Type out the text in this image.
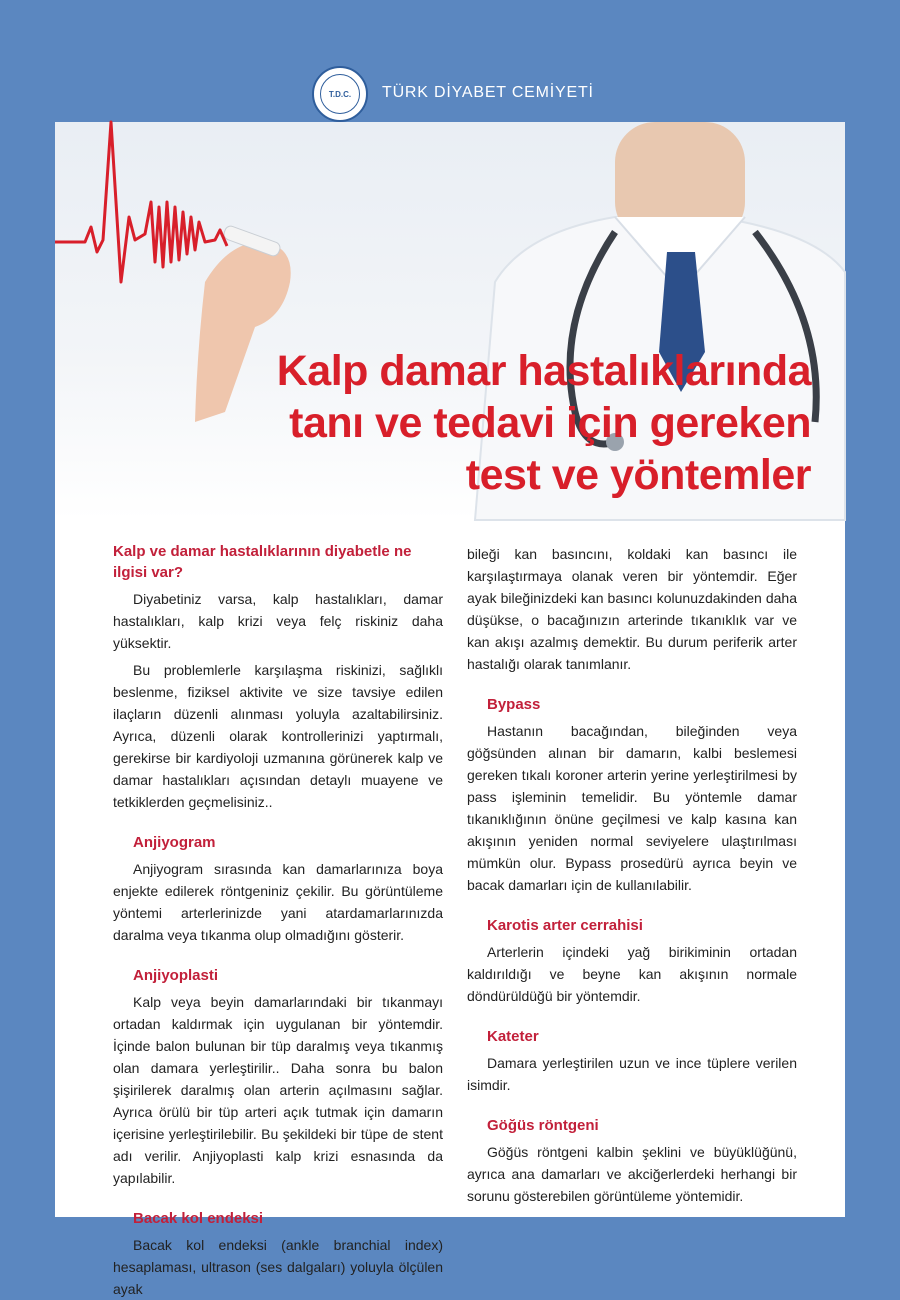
T.D.C.	TÜRK DİYABET CEMİYETİ
Kalp damar hastalıklarında
tanı ve tedavi için gereken
test ve yöntemler
Kalp ve damar hastalıklarının diyabetle ne ilgisi var?

Diyabetiniz varsa, kalp hastalıkları, damar hastalıkları, kalp krizi veya felç riskiniz daha yüksektir.

Bu problemlerle karşılaşma riskinizi, sağlıklı beslenme, fiziksel aktivite ve size tavsiye edilen ilaçların düzenli alınması yoluyla azaltabilirsiniz. Ayrıca, düzenli olarak kontrollerinizi yaptırmalı, gerekirse bir kardiyoloji uzmanına görünerek kalp ve damar hastalıkları açısından detaylı muayene ve tetkiklerden geçmelisiniz..

Anjiyogram

Anjiyogram sırasında kan damarlarınıza boya enjekte edilerek röntgeniniz çekilir. Bu görüntüleme yöntemi arterlerinizde yani atardamarlarınızda daralma veya tıkanma olup olmadığını gösterir.

Anjiyoplasti

Kalp veya beyin damarlarındaki bir tıkanmayı ortadan kaldırmak için uygulanan bir yöntemdir. İçinde balon bulunan bir tüp daralmış veya tıkanmış olan damara yerleştirilir.. Daha sonra bu balon şişirilerek daralmış olan arterin açılmasını sağlar. Ayrıca örülü bir tüp arteri açık tutmak için damarın içerisine yerleştirilebilir. Bu şekildeki bir tüpe de stent adı verilir. Anjiyoplasti kalp krizi esnasında da yapılabilir.

Bacak kol endeksi

Bacak kol endeksi (ankle branchial index) hesaplaması, ultrason (ses dalgaları) yoluyla ölçülen ayak

bileği kan basıncını, koldaki kan basıncı ile karşılaştırmaya olanak veren bir yöntemdir. Eğer ayak bileğinizdeki kan basıncı kolunuzdakinden daha düşükse, o bacağınızın arterinde tıkanıklık var ve kan akışı azalmış demektir. Bu durum periferik arter hastalığı olarak tanımlanır.

Bypass

Hastanın bacağından, bileğinden veya göğsünden alınan bir damarın, kalbi beslemesi gereken tıkalı koroner arterin yerine yerleştirilmesi by pass işleminin temelidir. Bu yöntemle damar tıkanıklığının önüne geçilmesi ve kalp kasına kan akışının yeniden normal seviyelere ulaştırılması mümkün olur. Bypass prosedürü ayrıca beyin ve bacak damarları için de kullanılabilir.

Karotis arter cerrahisi

Arterlerin içindeki yağ birikiminin ortadan kaldırıldığı ve beyne kan akışının normale döndürüldüğü bir yöntemdir.

Kateter

Damara yerleştirilen uzun ve ince tüplere verilen isimdir.

Göğüs röntgeni

Göğüs röntgeni kalbin şeklini ve büyüklüğünü, ayrıca ana damarları ve akciğerlerdeki herhangi bir sorunu gösterebilen görüntüleme yöntemidir.
